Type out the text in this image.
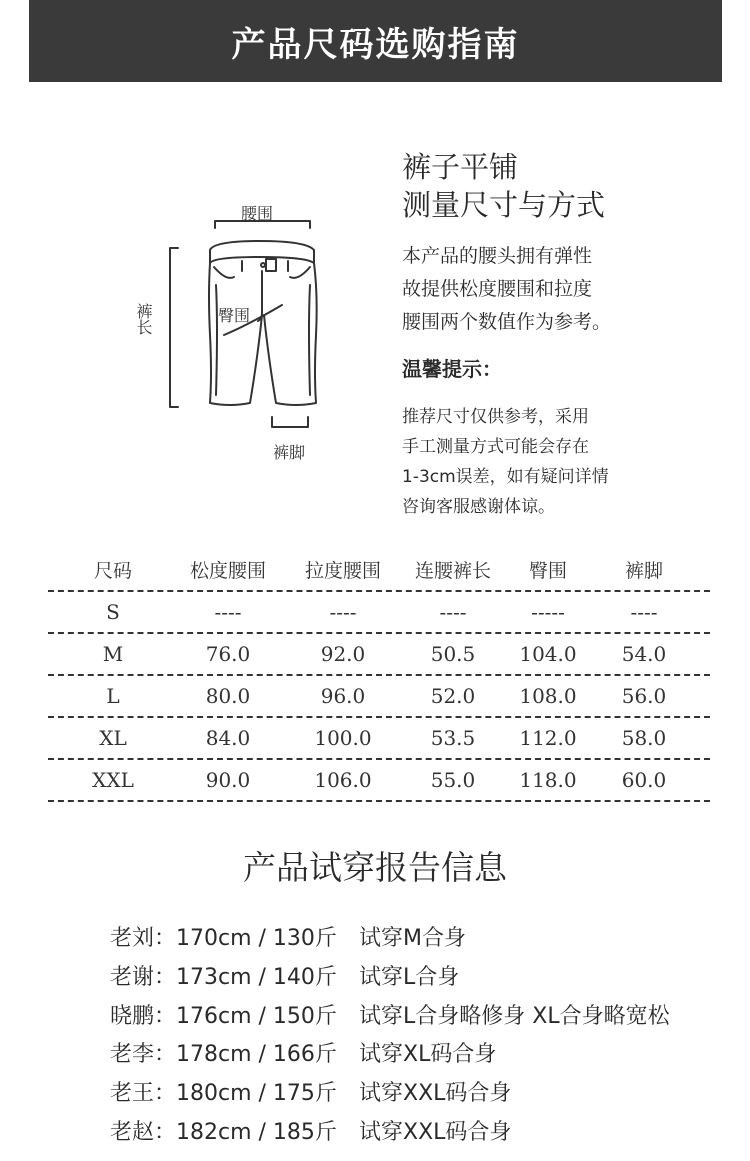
产品尺码选购指南
腰围
裤长	臀围
裤脚
裤子平铺
测量尺寸与方式
本产品的腰头拥有弹性
故提供松度腰围和拉度
腰围两个数值作为参考。
温馨提示：
推荐尺寸仅供参考，采用
手工测量方式可能会存在
1-3cm误差，如有疑问详情
咨询客服感谢体谅。
尺码	松度腰围	拉度腰围	连腰裤长	臀围	裤脚
S	----	----	----	-----	----
M	76.0	92.0	50.5	104.0	54.0
L	80.0	96.0	52.0	108.0	56.0
XL	84.0	100.0	53.5	112.0	58.0
XXL	90.0	106.0	55.0	118.0	60.0
产品试穿报告信息
老刘： 170cm / 130斤	试穿M合身
老谢： 173cm / 140斤	试穿L合身
晓鹏： 176cm / 150斤	试穿L合身略修身 XL合身略宽松
老李： 178cm / 166斤	试穿XL码合身
老王： 180cm / 175斤	试穿XXL码合身
老赵： 182cm / 185斤	试穿XXL码合身
